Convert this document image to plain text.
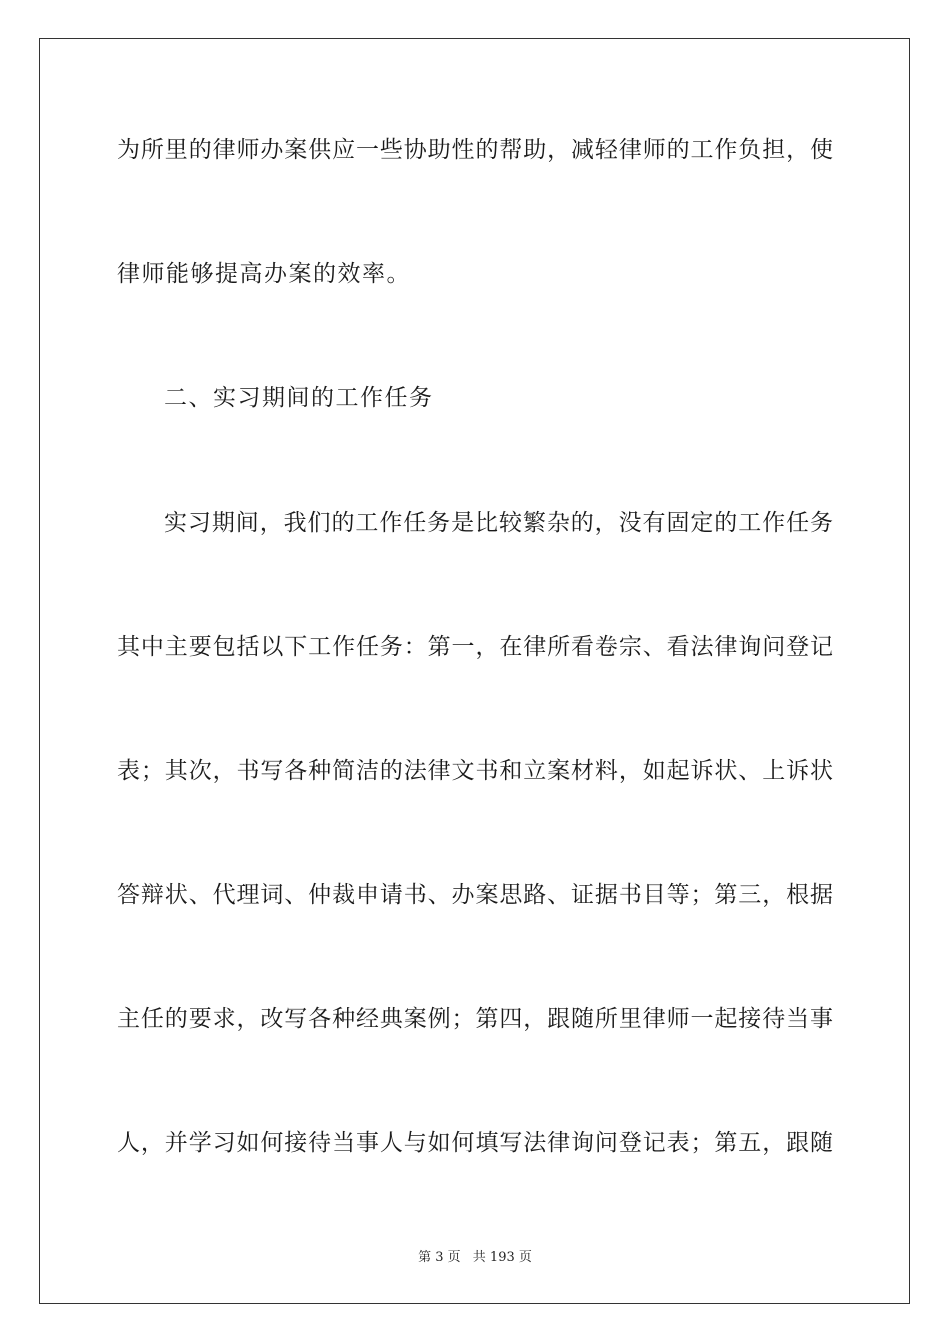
为所里的律师办案供应一些协助性的帮助，减轻律师的工作负担，使
律师能够提高办案的效率。
二、实习期间的工作任务
实习期间，我们的工作任务是比较繁杂的，没有固定的工作任务
其中主要包括以下工作任务：第一，在律所看卷宗、看法律询问登记
表；其次，书写各种简洁的法律文书和立案材料，如起诉状、上诉状
答辩状、代理词、仲裁申请书、办案思路、证据书目等；第三，根据
主任的要求，改写各种经典案例；第四，跟随所里律师一起接待当事
人，并学习如何接待当事人与如何填写法律询问登记表；第五，跟随
第 3 页 共 193 页
